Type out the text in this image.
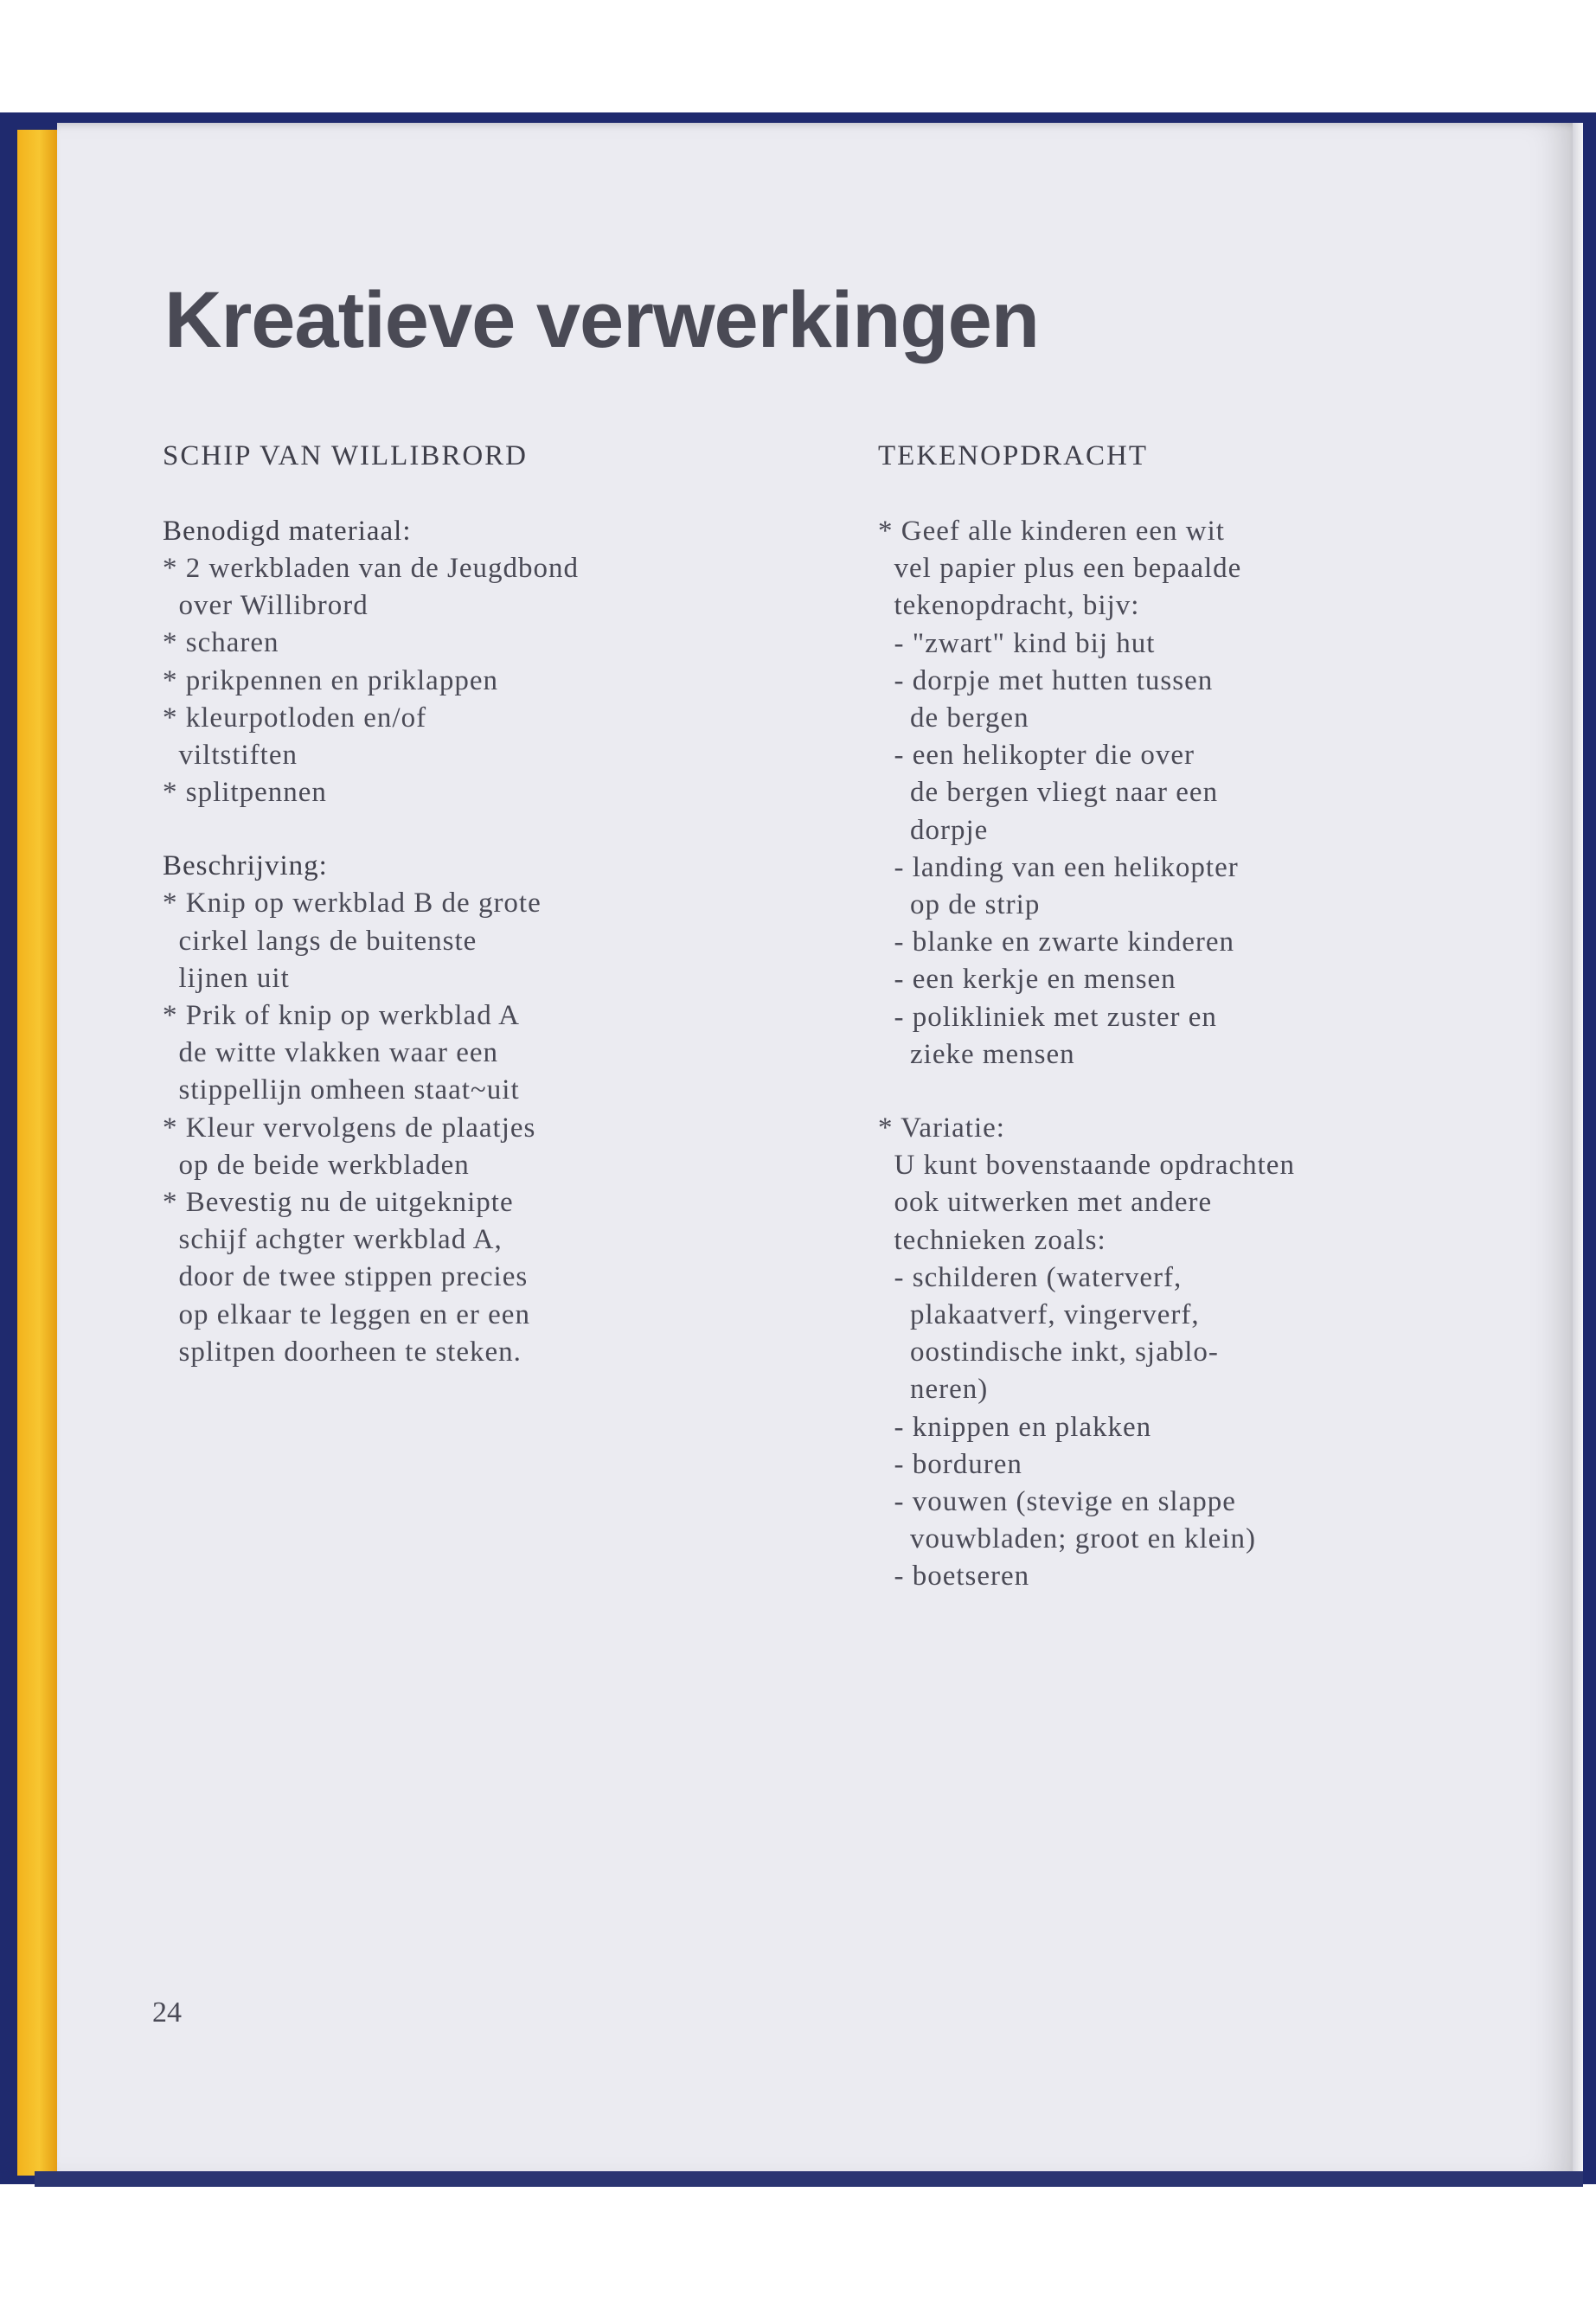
Kreatieve verwerkingen
SCHIP VAN WILLIBRORD
Benodigd materiaal:
* 2 werkbladen van de Jeugdbond
over Willibrord
* scharen
* prikpennen en priklappen
* kleurpotloden en/of
viltstiften
* splitpennen
Beschrijving:
* Knip op werkblad B de grote
cirkel langs de buitenste
lijnen uit
* Prik of knip op werkblad A
de witte vlakken waar een
stippellijn omheen staat~uit
* Kleur vervolgens de plaatjes
op de beide werkbladen
* Bevestig nu de uitgeknipte
schijf achgter werkblad A,
door de twee stippen precies
op elkaar te leggen en er een
splitpen doorheen te steken.
TEKENOPDRACHT
* Geef alle kinderen een wit
vel papier plus een bepaalde
tekenopdracht, bijv:
- "zwart" kind bij hut
- dorpje met hutten tussen
de bergen
- een helikopter die over
de bergen vliegt naar een
dorpje
- landing van een helikopter
op de strip
- blanke en zwarte kinderen
- een kerkje en mensen
- polikliniek met zuster en
zieke mensen
* Variatie:
U kunt bovenstaande opdrachten
ook uitwerken met andere
technieken zoals:
- schilderen (waterverf,
plakaatverf, vingerverf,
oostindische inkt, sjablo-
neren)
- knippen en plakken
- borduren
- vouwen (stevige en slappe
vouwbladen; groot en klein)
- boetseren
24
